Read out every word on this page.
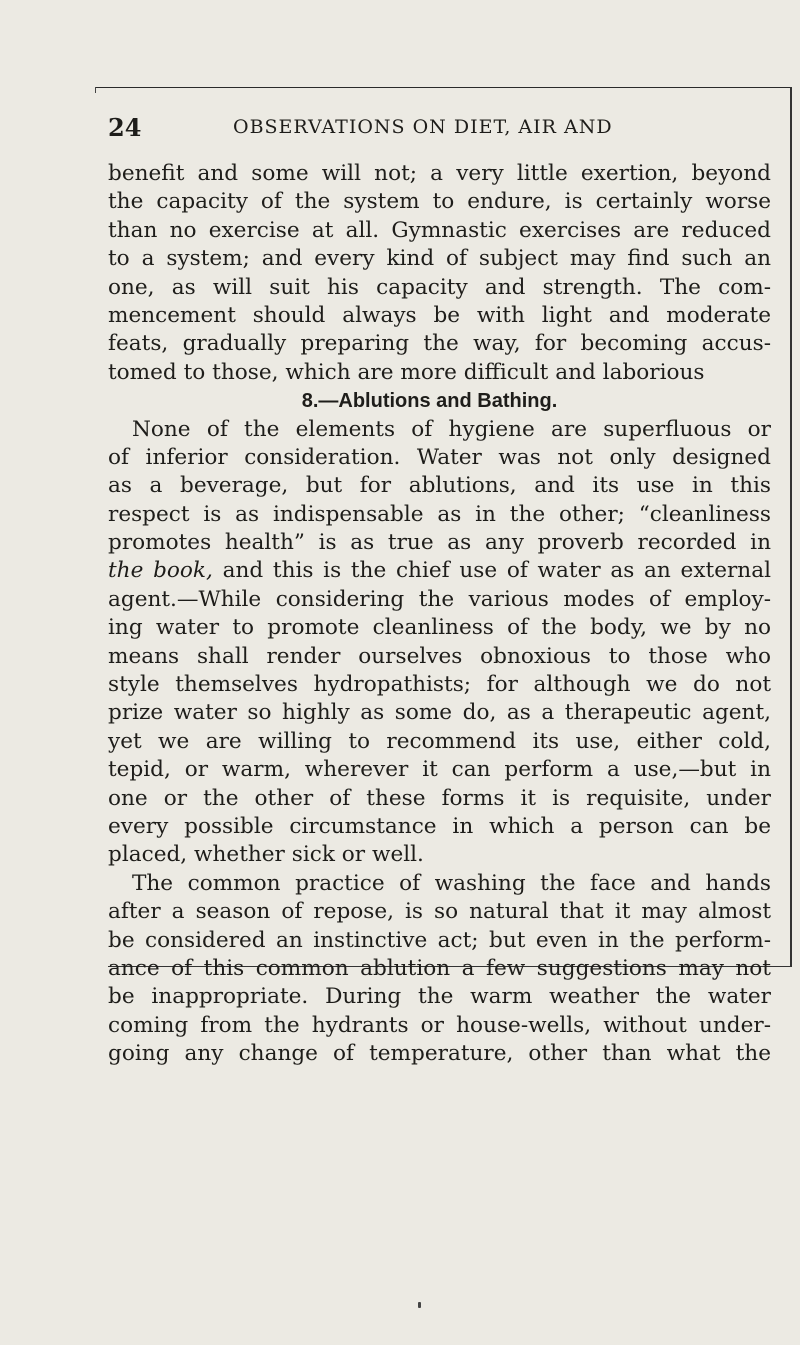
24	OBSERVATIONS ON DIET, AIR AND
benefit and some will not; a very little exertion, beyond
the capacity of the system to endure, is certainly worse
than no exercise at all. Gymnastic exercises are reduced
to a system; and every kind of subject may find such an
one, as will suit his capacity and strength. The com-
mencement should always be with light and moderate
feats, gradually preparing the way, for becoming accus-
tomed to those, which are more difficult and laborious
8.—Ablutions and Bathing.
None of the elements of hygiene are superfluous or
of inferior consideration. Water was not only designed
as a beverage, but for ablutions, and its use in this
respect is as indispensable as in the other; “cleanliness
promotes health” is as true as any proverb recorded in
the book, and this is the chief use of water as an external
agent.—While considering the various modes of employ-
ing water to promote cleanliness of the body, we by no
means shall render ourselves obnoxious to those who
style themselves hydropathists; for although we do not
prize water so highly as some do, as a therapeutic agent,
yet we are willing to recommend its use, either cold,
tepid, or warm, wherever it can perform a use,—but in
one or the other of these forms it is requisite, under
every possible circumstance in which a person can be
placed, whether sick or well.
The common practice of washing the face and hands
after a season of repose, is so natural that it may almost
be considered an instinctive act; but even in the perform-
ance of this common ablution a few suggestions may not
be inappropriate. During the warm weather the water
coming from the hydrants or house-wells, without under-
going any change of temperature, other than what the
